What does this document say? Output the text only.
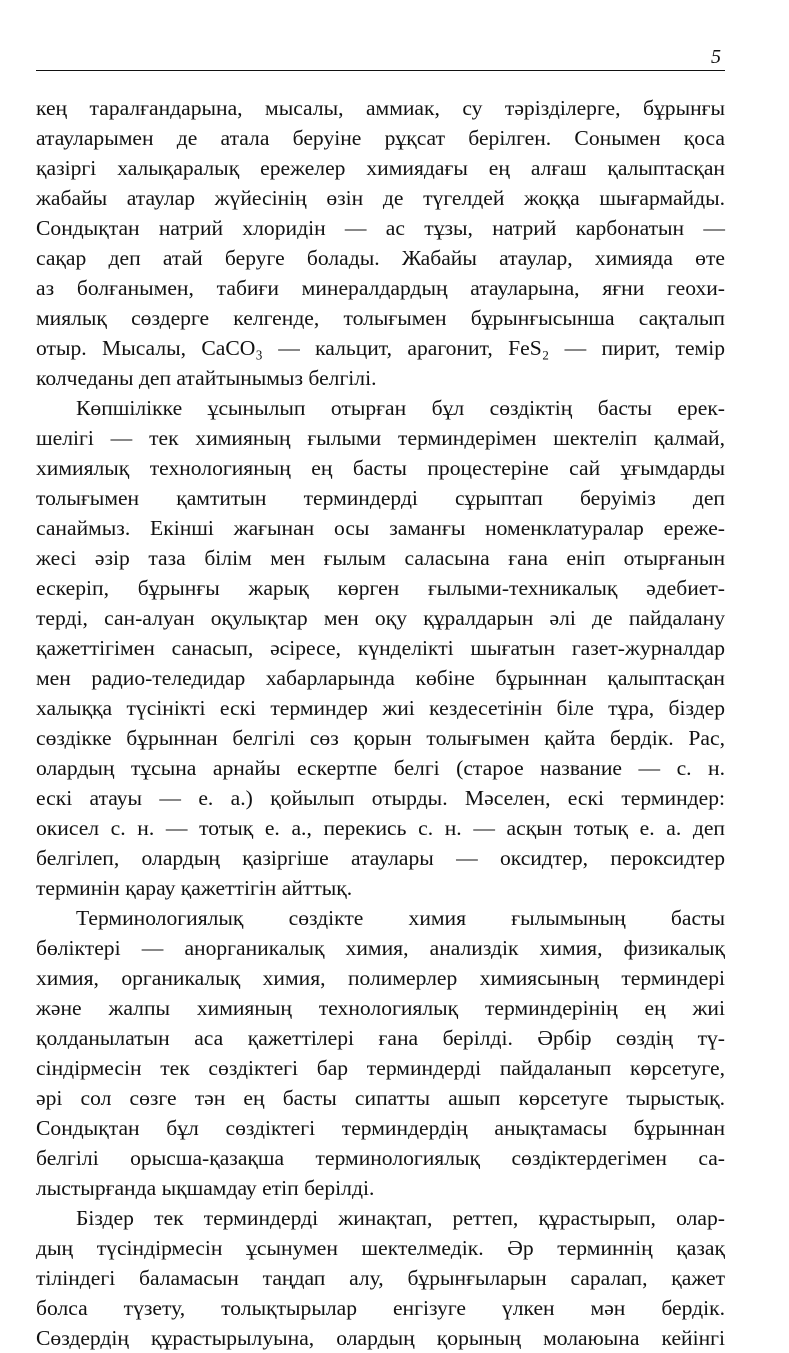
5
кең таралғандарына, мысалы, аммиак, су тәрізділерге, бұрынғы
атауларымен де атала беруіне рұқсат берілген. Сонымен қоса
қазіргі халықаралық ережелер химиядағы ең алғаш қалыптасқан
жабайы атаулар жүйесінің өзін де түгелдей жоққа шығармайды.
Сондықтан натрий хлоридін — ас тұзы, натрий карбонатын —
сақар деп атай беруге болады. Жабайы атаулар, химияда өте
аз болғанымен, табиғи минералдардың атауларына, яғни геохи-
миялық сөздерге келгенде, толығымен бұрынғысынша сақталып
отыр. Мысалы, CaCO₃ — кальцит, арагонит, FeS₂ — пирит, темір
колчеданы деп атайтынымыз белгілі.
Көпшілікке ұсынылып отырған бұл сөздіктің басты ерек-
шелігі — тек химияның ғылыми терминдерімен шектеліп қалмай,
химиялық технологияның ең басты процестеріне сай ұғымдарды
толығымен қамтитын терминдерді сұрыптап беруіміз деп
санаймыз. Екінші жағынан осы заманғы номенклатуралар ереже-
жесі әзір таза білім мен ғылым саласына ғана еніп отырғанын
ескеріп, бұрынғы жарық көрген ғылыми-техникалық әдебиет-
терді, сан-алуан оқулықтар мен оқу құралдарын әлі де пайдалану
қажеттігімен санасып, әсіресе, күнделікті шығатын газет-журналдар
мен радио-теледидар хабарларында көбіне бұрыннан қалыптасқан
халыққа түсінікті ескі терминдер жиі кездесетінін біле тұра, біздер
сөздікке бұрыннан белгілі сөз қорын толығымен қайта бердік. Рас,
олардың тұсына арнайы ескертпе белгі (старое название — с. н.
ескі атауы — е. а.) қойылып отырды. Мәселен, ескі терминдер:
окисел с. н. — тотық е. а., перекись с. н. — асқын тотық е. а. деп
белгілеп, олардың қазіргіше атаулары — оксидтер, пероксидтер
терминін қарау қажеттігін айттық.
Терминологиялық сөздікте химия ғылымының басты
бөліктері — анорганикалық химия, анализдік химия, физикалық
химия, органикалық химия, полимерлер химиясының терминдері
және жалпы химияның технологиялық терминдерінің ең жиі
қолданылатын аса қажеттілері ғана берілді. Әрбір сөздің тү-
сіндірмесін тек сөздіктегі бар терминдерді пайдаланып көрсетуге,
әрі сол сөзге тән ең басты сипатты ашып көрсетуге тырыстық.
Сондықтан бұл сөздіктегі терминдердің анықтамасы бұрыннан
белгілі орысша-қазақша терминологиялық сөздіктердегімен са-
лыстырғанда ықшамдау етіп берілді.
Біздер тек терминдерді жинақтап, реттеп, құрастырып, олар-
дың түсіндірмесін ұсынумен шектелмедік. Әр терминнің қазақ
тіліндегі баламасын таңдап алу, бұрынғыларын саралап, қажет
болса түзету, толықтырылар енгізуге үлкен мән бердік.
Сөздердің құрастырылуына, олардың қорының молаюына кейінгі
